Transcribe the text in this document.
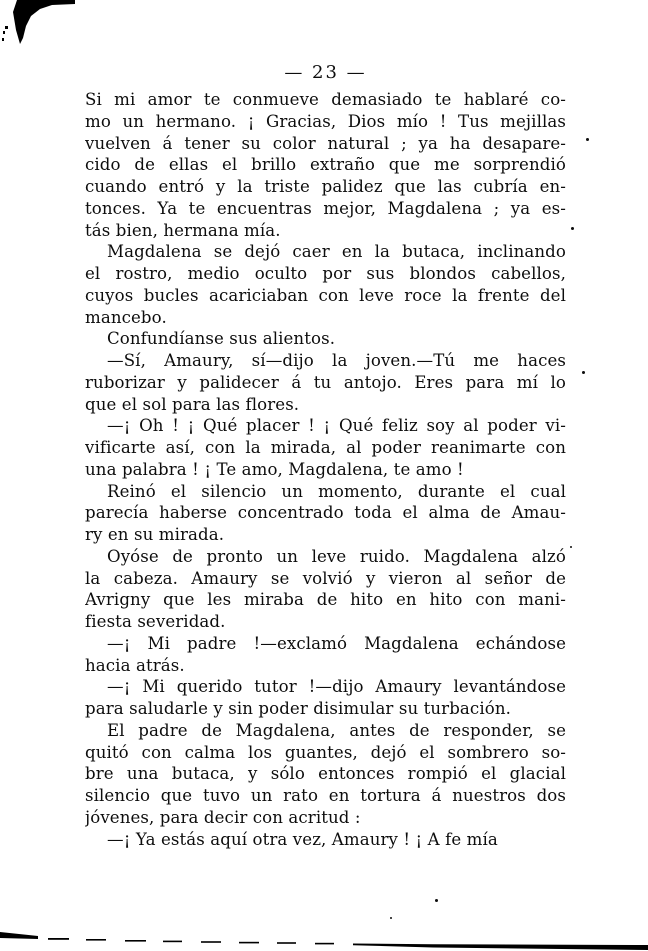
— 23 —
Si mi amor te conmueve demasiado te hablaré co-
mo un hermano. ¡ Gracias, Dios mío ! Tus mejillas
vuelven á tener su color natural ; ya ha desapare-
cido de ellas el brillo extraño que me sorprendió
cuando entró y la triste palidez que las cubría en-
tonces. Ya te encuentras mejor, Magdalena ; ya es-
tás bien, hermana mía.
Magdalena se dejó caer en la butaca, inclinando
el rostro, medio oculto por sus blondos cabellos,
cuyos bucles acariciaban con leve roce la frente del
mancebo.
Confundíanse sus alientos.
—Sí, Amaury, sí—dijo la joven.—Tú me haces
ruborizar y palidecer á tu antojo. Eres para mí lo
que el sol para las flores.
—¡ Oh ! ¡ Qué placer ! ¡ Qué feliz soy al poder vi-
vificarte así, con la mirada, al poder reanimarte con
una palabra ! ¡ Te amo, Magdalena, te amo !
Reinó el silencio un momento, durante el cual
parecía haberse concentrado toda el alma de Amau-
ry en su mirada.
Oyóse de pronto un leve ruido. Magdalena alzó
la cabeza. Amaury se volvió y vieron al señor de
Avrigny que les miraba de hito en hito con mani-
fiesta severidad.
—¡ Mi padre !—exclamó Magdalena echándose
hacia atrás.
—¡ Mi querido tutor !—dijo Amaury levantándose
para saludarle y sin poder disimular su turbación.
El padre de Magdalena, antes de responder, se
quitó con calma los guantes, dejó el sombrero so-
bre una butaca, y sólo entonces rompió el glacial
silencio que tuvo un rato en tortura á nuestros dos
jóvenes, para decir con acritud :
—¡ Ya estás aquí otra vez, Amaury ! ¡ A fe mía
